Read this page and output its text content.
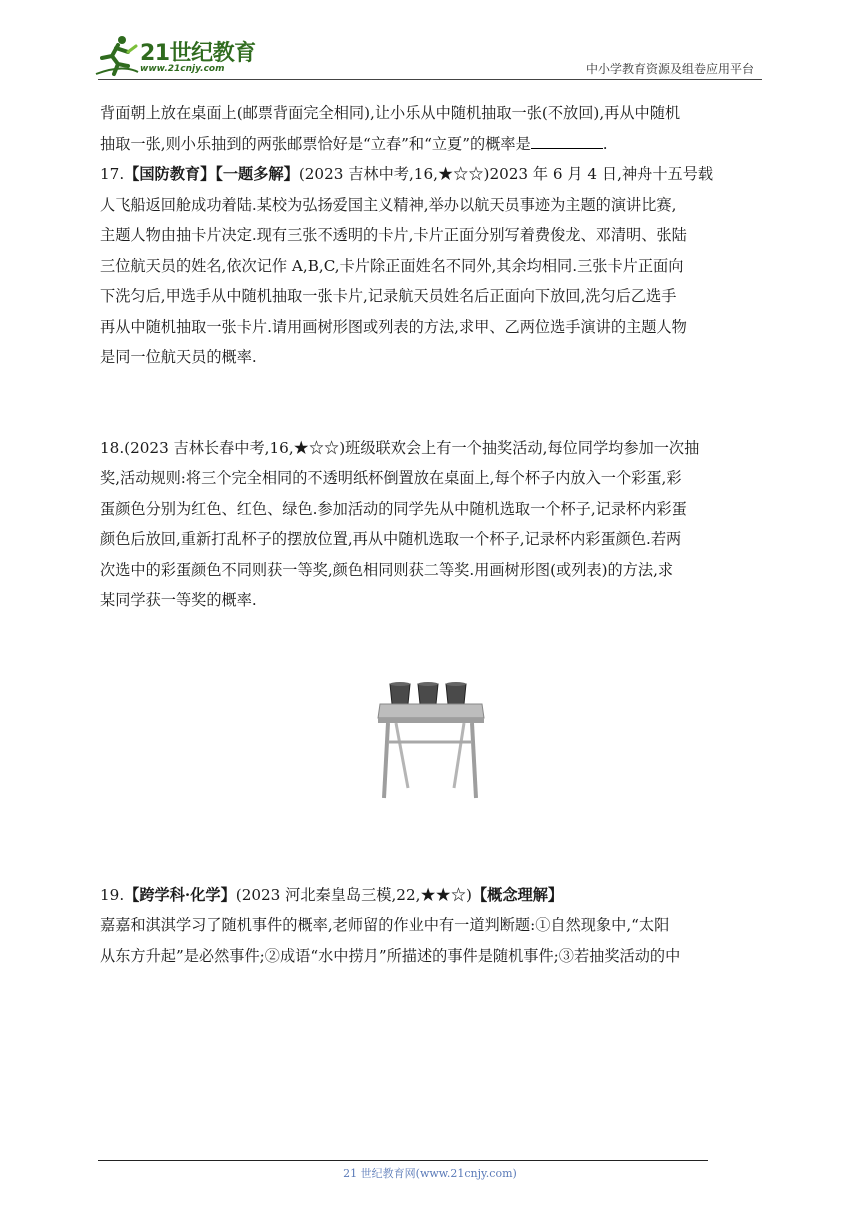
21世纪教育
www.21cnjy.com	中小学教育资源及组卷应用平台

背面朝上放在桌面上(邮票背面完全相同),让小乐从中随机抽取一张(不放回),再从中随机

抽取一张,则小乐抽到的两张邮票恰好是“立春”和“立夏”的概率是	.

17.【国防教育】【一题多解】(2023 吉林中考,16,★☆☆)2023 年 6 月 4 日,神舟十五号载

人飞船返回舱成功着陆.某校为弘扬爱国主义精神,举办以航天员事迹为主题的演讲比赛,

主题人物由抽卡片决定.现有三张不透明的卡片,卡片正面分别写着费俊龙、邓清明、张陆

三位航天员的姓名,依次记作 A,B,C,卡片除正面姓名不同外,其余均相同.三张卡片正面向

下洗匀后,甲选手从中随机抽取一张卡片,记录航天员姓名后正面向下放回,洗匀后乙选手

再从中随机抽取一张卡片.请用画树形图或列表的方法,求甲、乙两位选手演讲的主题人物

是同一位航天员的概率.

18.(2023 吉林长春中考,16,★☆☆)班级联欢会上有一个抽奖活动,每位同学均参加一次抽

奖,活动规则:将三个完全相同的不透明纸杯倒置放在桌面上,每个杯子内放入一个彩蛋,彩

蛋颜色分别为红色、红色、绿色.参加活动的同学先从中随机选取一个杯子,记录杯内彩蛋

颜色后放回,重新打乱杯子的摆放位置,再从中随机选取一个杯子,记录杯内彩蛋颜色.若两

次选中的彩蛋颜色不同则获一等奖,颜色相同则获二等奖.用画树形图(或列表)的方法,求

某同学获一等奖的概率.

19.【跨学科·化学】(2023 河北秦皇岛三模,22,★★☆)【概念理解】

嘉嘉和淇淇学习了随机事件的概率,老师留的作业中有一道判断题:①自然现象中,“太阳

从东方升起”是必然事件;②成语“水中捞月”所描述的事件是随机事件;③若抽奖活动的中

21 世纪教育网(www.21cnjy.com)
